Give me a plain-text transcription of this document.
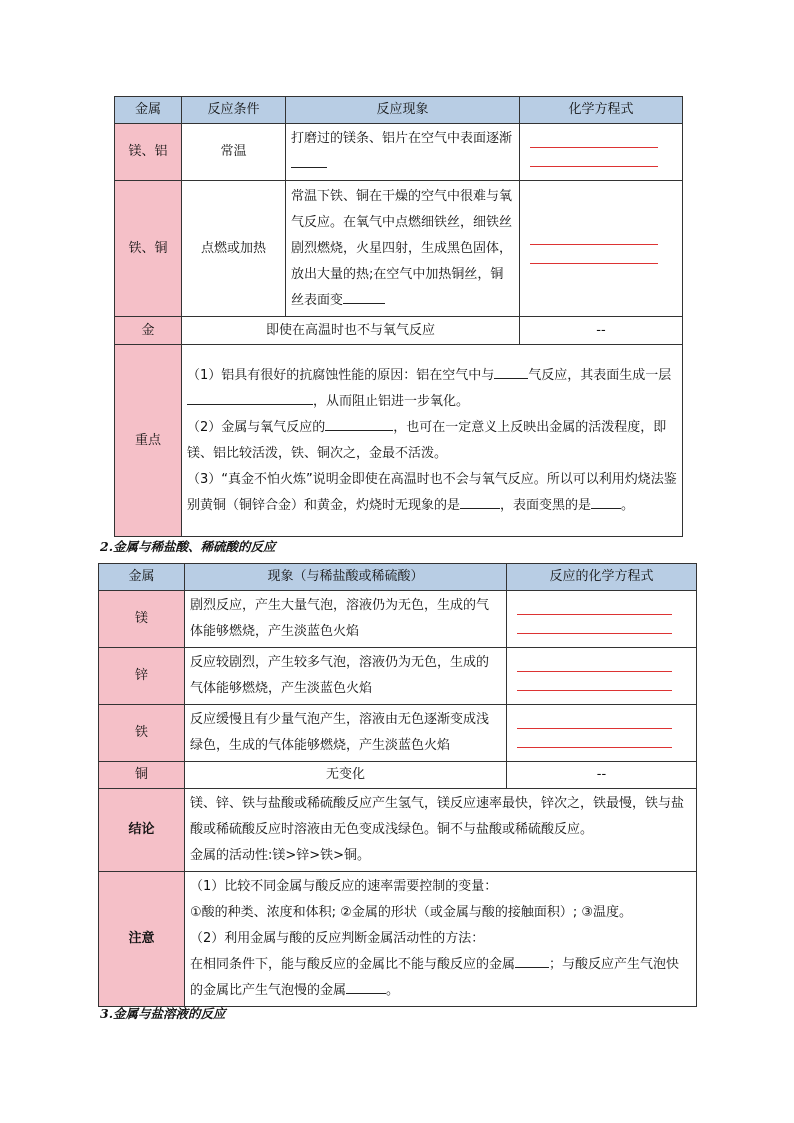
金属	反应条件	反应现象	化学方程式
镁、铝	常温	打磨过的镁条、铝片在空气中表面逐渐	

铁、铜	点燃或加热	常温下铁、铜在干燥的空气中很难与氧气反应。在氧气中点燃细铁丝，细铁丝剧烈燃烧，火星四射，生成黑色固体，放出大量的热;在空气中加热铜丝，铜丝表面变	

金	即使在高温时也不与氧气反应		--
重点	（1）铝具有很好的抗腐蚀性能的原因：铝在空气中与 气反应，其表面生成一层，从而阻止铝进一步氧化。
（2）金属与氧气反应的 ，也可在一定意义上反映出金属的活泼程度，即镁、铝比较活泼，铁、铜次之，金最不活泼。
（3）“真金不怕火炼”说明金即使在高温时也不会与氧气反应。所以可以利用灼烧法鉴别黄铜（铜锌合金）和黄金，灼烧时无现象的是 ，表面变黑的是 。		
2.金属与稀盐酸、稀硫酸的反应
金属	现象（与稀盐酸或稀硫酸）	反应的化学方程式
镁	剧烈反应，产生大量气泡，溶液仍为无色，生成的气体能够燃烧，产生淡蓝色火焰	

锌	反应较剧烈，产生较多气泡，溶液仍为无色，生成的气体能够燃烧，产生淡蓝色火焰	

铁	反应缓慢且有少量气泡产生，溶液由无色逐渐变成浅绿色，生成的气体能够燃烧，产生淡蓝色火焰	

铜	无变化	--
结论	镁、锌、铁与盐酸或稀硫酸反应产生氢气，镁反应速率最快，锌次之，铁最慢，铁与盐酸或稀硫酸反应时溶液由无色变成浅绿色。铜不与盐酸或稀硫酸反应。
金属的活动性:镁>锌>铁>铜。	

注意	（1）比较不同金属与酸反应的速率需要控制的变量：
①酸的种类、浓度和体积; ②金属的形状（或金属与酸的接触面积）; ③温度。
（2）利用金属与酸的反应判断金属活动性的方法：
在相同条件下，能与酸反应的金属比不能与酸反应的金属 ；与酸反应产生气泡快的金属比产生气泡慢的金属 。	
3.金属与盐溶液的反应
